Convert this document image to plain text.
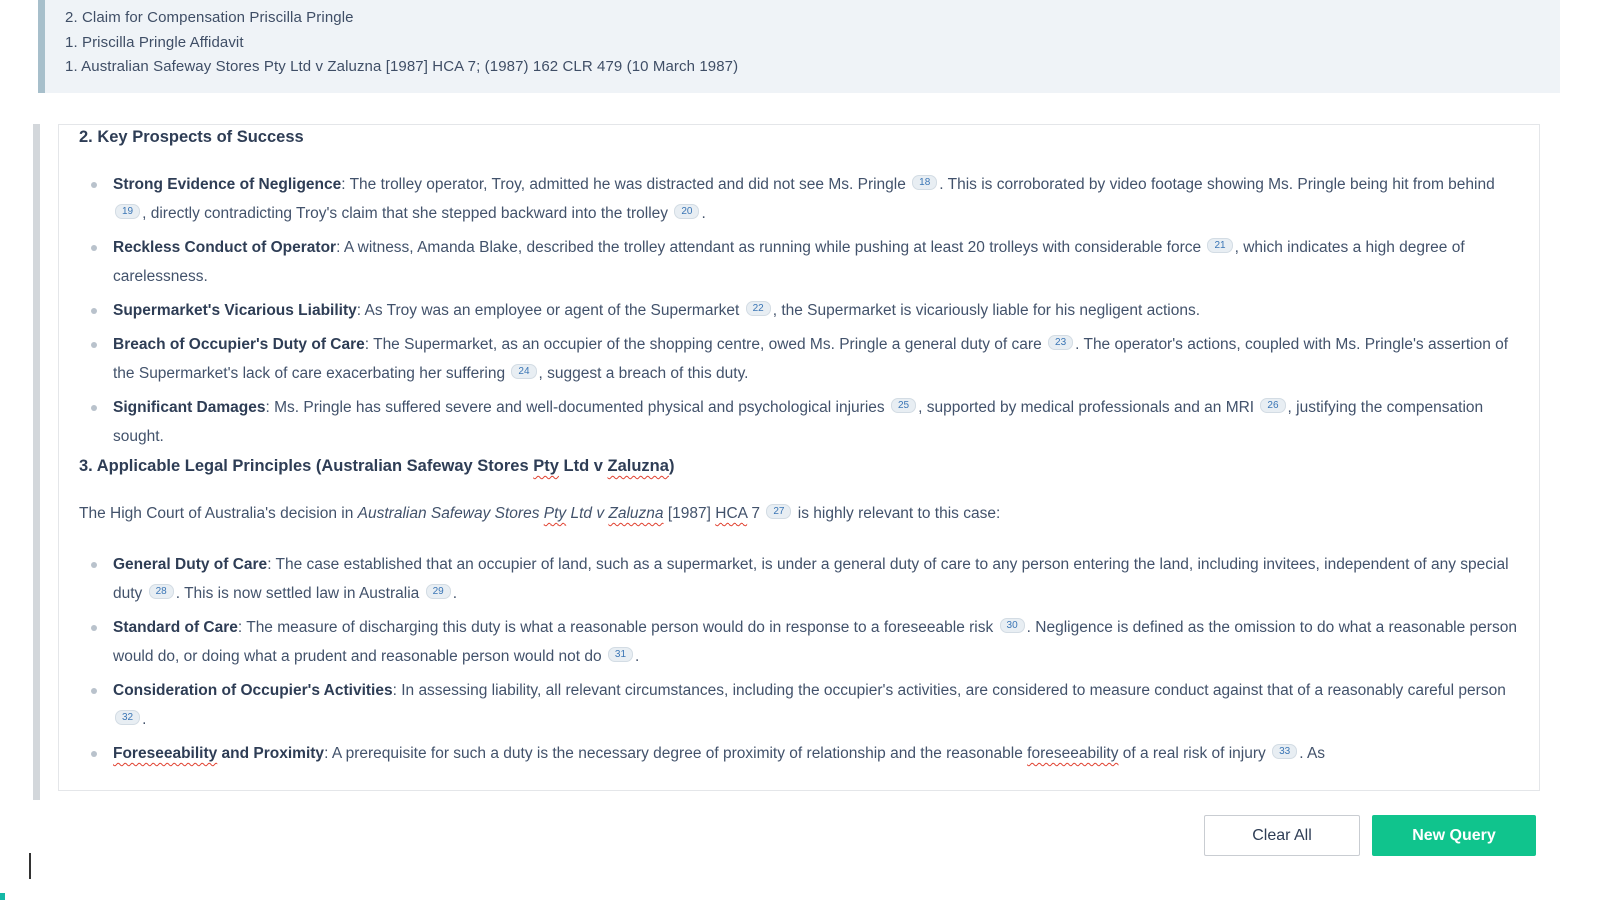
2. Claim for Compensation Priscilla Pringle
1. Priscilla Pringle Affidavit
1. Australian Safeway Stores Pty Ltd v Zaluzna [1987] HCA 7; (1987) 162 CLR 479 (10 March 1987)
2. Key Prospects of Success
Strong Evidence of Negligence: The trolley operator, Troy, admitted he was distracted and did not see Ms. Pringle $^{18}$ . This is corroborated by video footage showing Ms. Pringle being hit from behind $^{19}$ , directly contradicting Troy's claim that she stepped backward into the trolley $^{20}$ .
Reckless Conduct of Operator: A witness, Amanda Blake, described the trolley attendant as running while pushing at least 20 trolleys with considerable force $^{21}$ , which indicates a high degree of carelessness.
Supermarket's Vicarious Liability: As Troy was an employee or agent of the Supermarket $^{22}$ , the Supermarket is vicariously liable for his negligent actions.
Breach of Occupier's Duty of Care: The Supermarket, as an occupier of the shopping centre, owed Ms. Pringle a general duty of care $^{23}$ . The operator's actions, coupled with Ms. Pringle's assertion of the Supermarket's lack of care exacerbating her suffering $^{24}$ , suggest a breach of this duty.
Significant Damages: Ms. Pringle has suffered severe and well-documented physical and psychological injuries $^{25}$ , supported by medical professionals and an MRI $^{26}$ , justifying the compensation sought.
3. Applicable Legal Principles (Australian Safeway Stores Pty Ltd v Zaluzna)
The High Court of Australia's decision in Australian Safeway Stores Pty Ltd v Zaluzna [1987] HCA 7 $^{27}$ is highly relevant to this case:
General Duty of Care: The case established that an occupier of land, such as a supermarket, is under a general duty of care to any person entering the land, including invitees, independent of any special duty $^{28}$ . This is now settled law in Australia $^{29}$ .
Standard of Care: The measure of discharging this duty is what a reasonable person would do in response to a foreseeable risk $^{30}$ . Negligence is defined as the omission to do what a reasonable person would do, or doing what a prudent and reasonable person would not do $^{31}$ .
Consideration of Occupier's Activities: In assessing liability, all relevant circumstances, including the occupier's activities, are considered to measure conduct against that of a reasonably careful person $^{32}$ .
Foreseeability and Proximity: A prerequisite for such a duty is the necessary degree of proximity of relationship and the reasonable foreseeability of a real risk of injury $^{33}$ . As
Clear All	New Query
